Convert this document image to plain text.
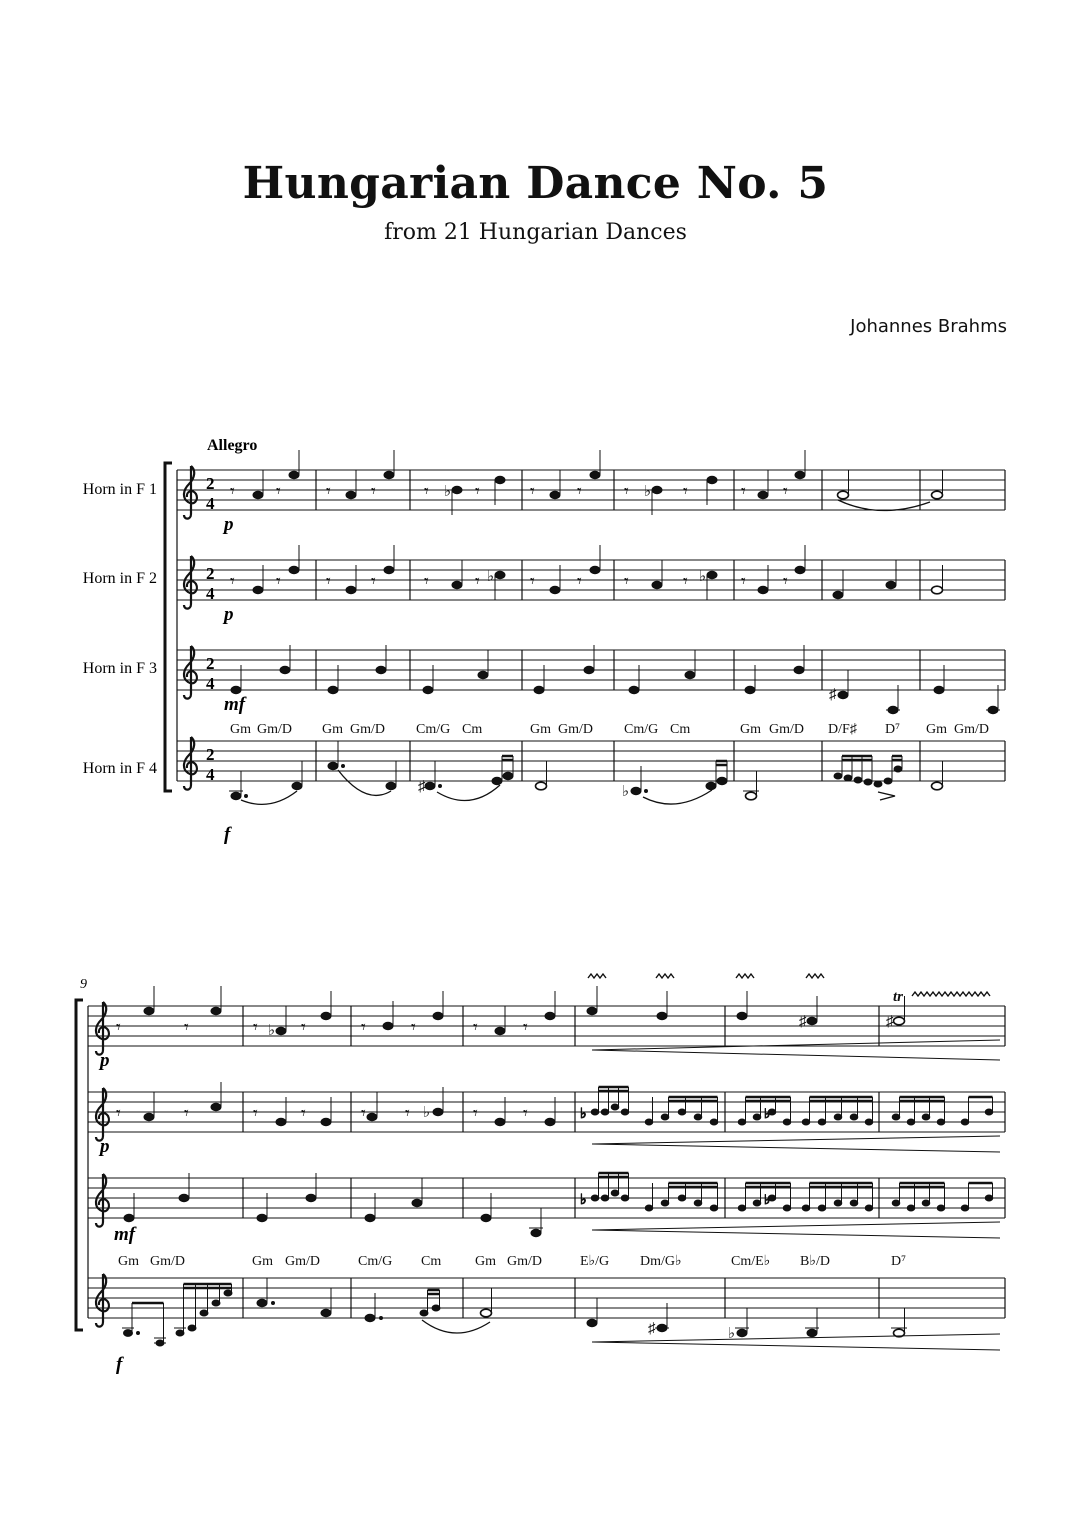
Hungarian Dance No. 5
from 21 Hungarian Dances
Johannes Brahms
Allegro
Horn in F 1	2
4
𝄾 𝄾	𝄾 𝄾	𝄾	𝄾	𝄾 𝄾 𝄾	𝄾	𝄾 𝄾
♭	♭
p
Horn in F 2	2
4
𝄾 𝄾	𝄾 𝄾	𝄾	𝄾	𝄾 𝄾 𝄾	𝄾	𝄾 𝄾
♭	♭
p
Horn in F 3	2
4
♯
mf
Gm Gm/D Gm Gm/D Cm/G Cm	Gm Gm/D Cm/G Cm	Gm Gm/D D/F♯ D⁷ Gm Gm/D
Horn in F 4
2
4
♯	♭
f
9
𝄾	𝄾	𝄾 𝄾	𝄾	𝄾	𝄾	𝄾
♭
♯	♯
tr
p
𝄾	𝄾	𝄾 𝄾	𝄾 𝄾	𝄾	𝄾
♭	♭	♭
p
♭	♭
mf
Gm Gm/D	Gm Gm/D	Cm/G Cm Gm Gm/D	E♭/G Dm/G♭	Cm/E♭ B♭/D	D⁷
♯	♭
f
